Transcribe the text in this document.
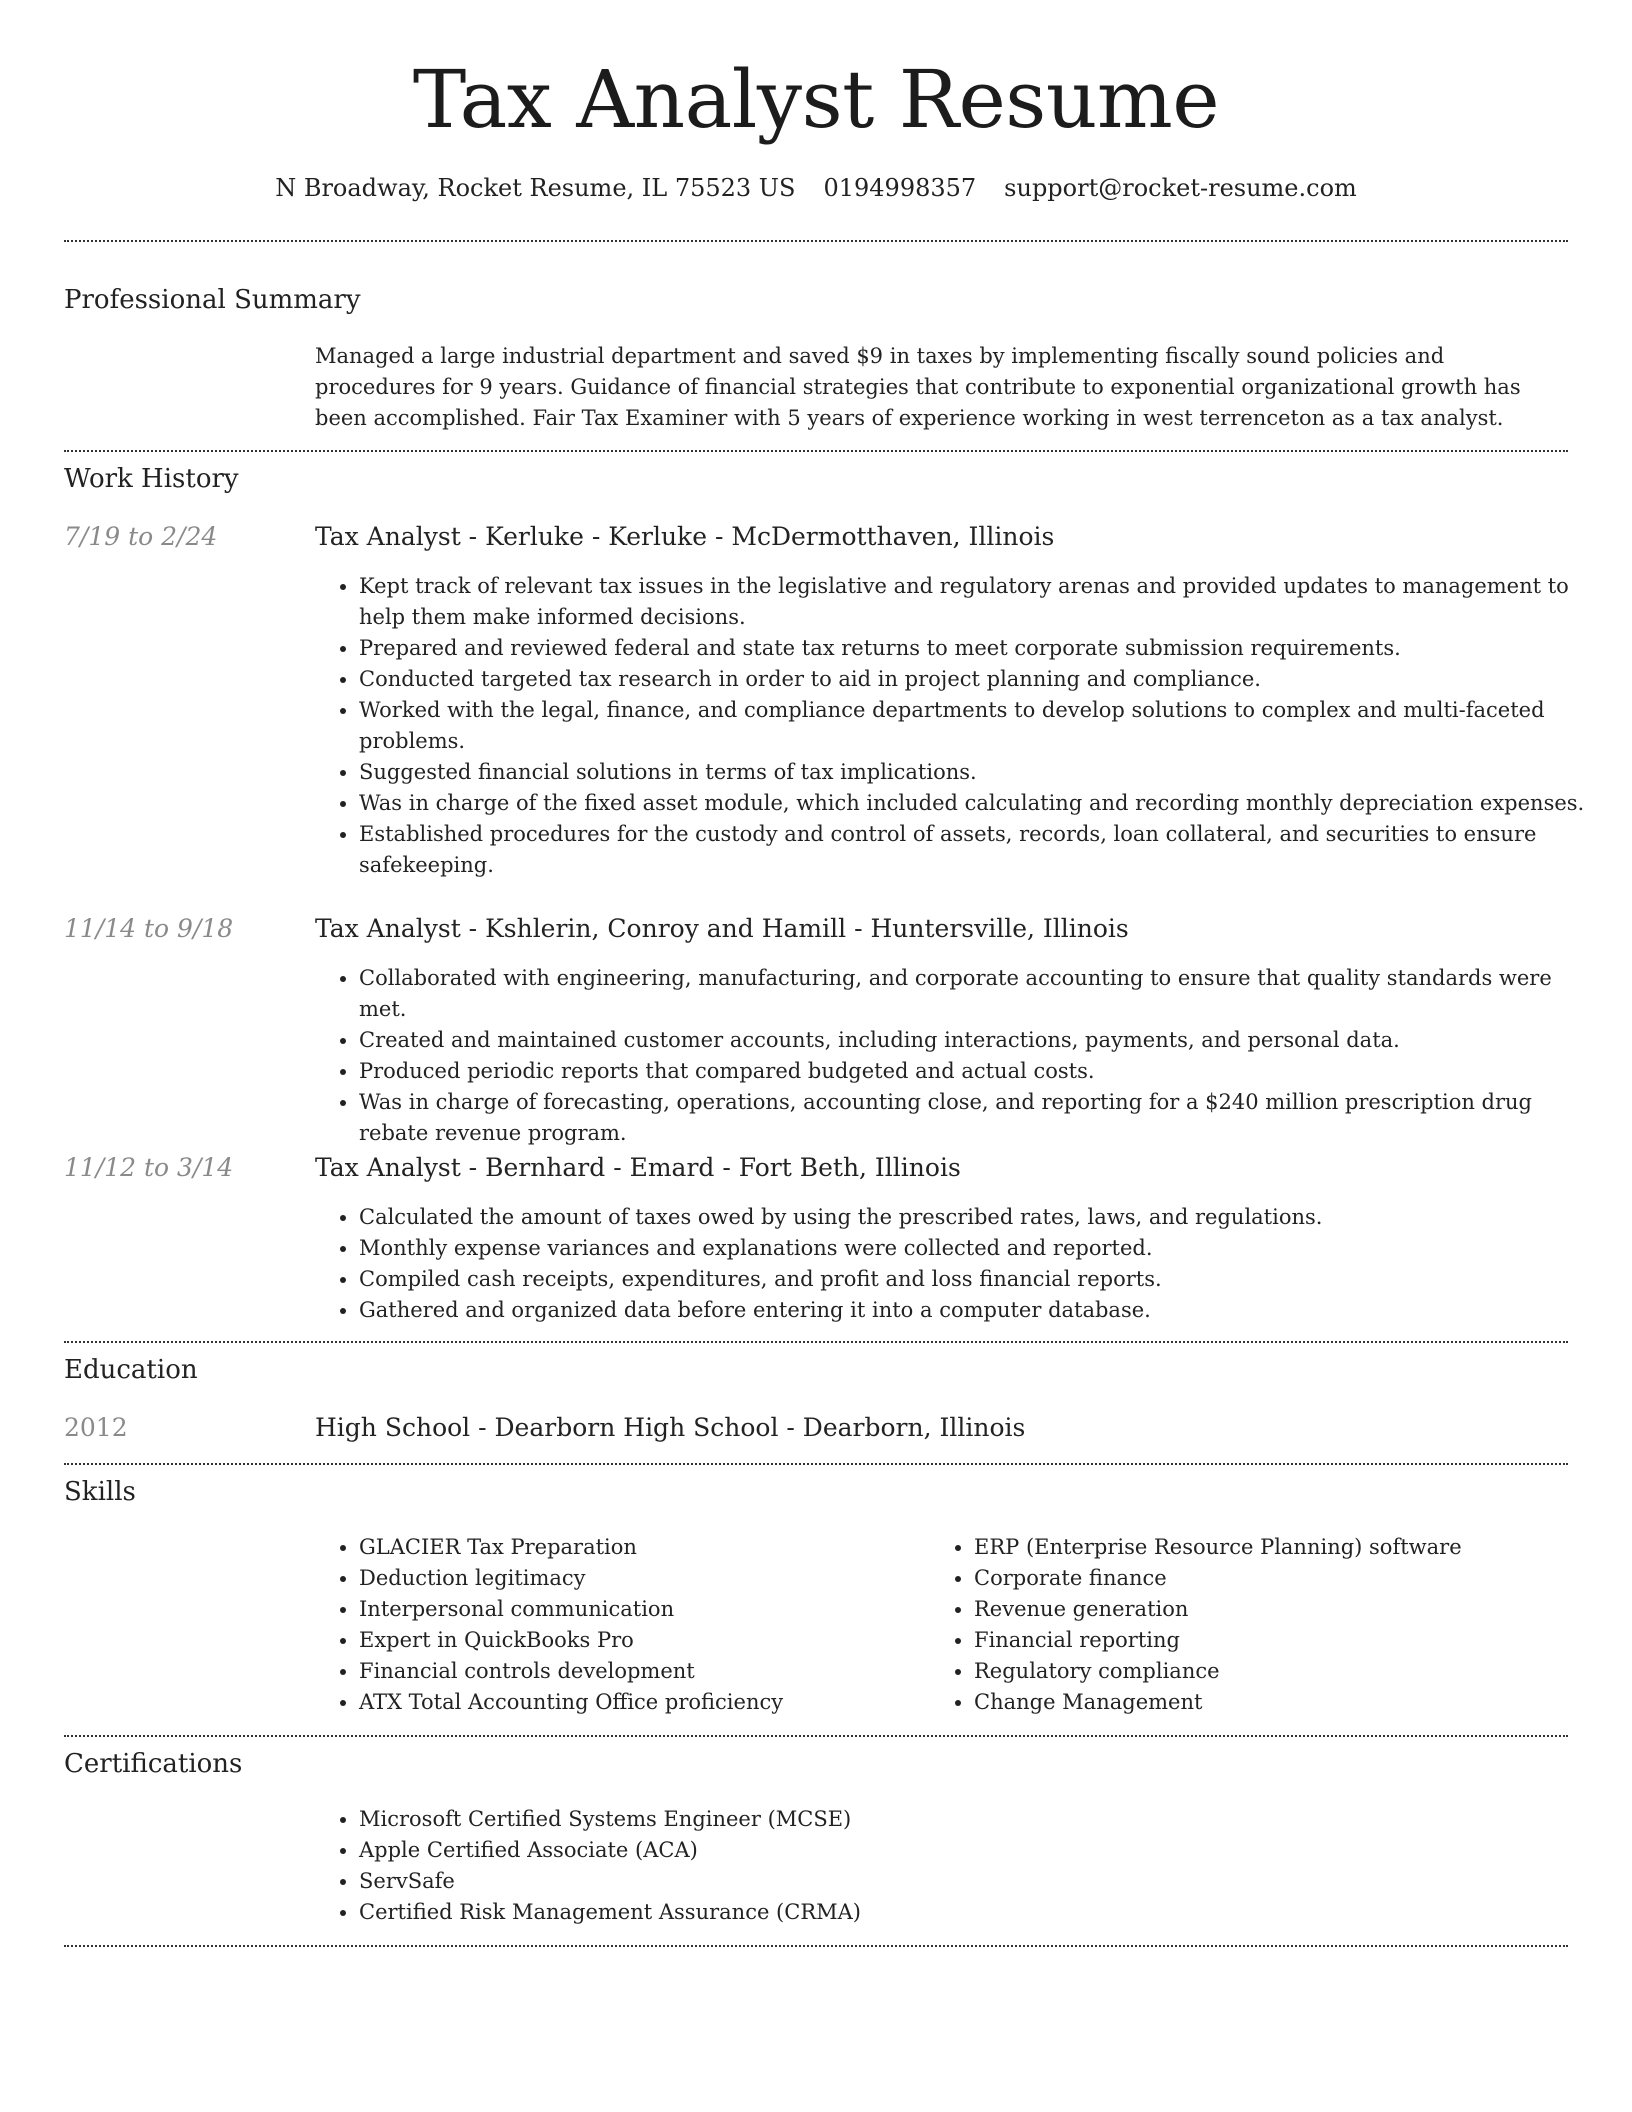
Tax Analyst Resume
N Broadway, Rocket Resume, IL 75523 US 0194998357 support@rocket-resume.com
Professional Summary
Managed a large industrial department and saved $9 in taxes by implementing fiscally sound policies and procedures for 9 years. Guidance of financial strategies that contribute to exponential organizational growth has been accomplished. Fair Tax Examiner with 5 years of experience working in west terrenceton as a tax analyst.
Work History
7/19 to 2/24	Tax Analyst - Kerluke - Kerluke - McDermotthaven, Illinois
• Kept track of relevant tax issues in the legislative and regulatory arenas and provided updates to management to help them make informed decisions.
• Prepared and reviewed federal and state tax returns to meet corporate submission requirements.
• Conducted targeted tax research in order to aid in project planning and compliance.
• Worked with the legal, finance, and compliance departments to develop solutions to complex and multi-faceted problems.
• Suggested financial solutions in terms of tax implications.
• Was in charge of the fixed asset module, which included calculating and recording monthly depreciation expenses.
• Established procedures for the custody and control of assets, records, loan collateral, and securities to ensure safekeeping.
11/14 to 9/18	Tax Analyst - Kshlerin, Conroy and Hamill - Huntersville, Illinois
• Collaborated with engineering, manufacturing, and corporate accounting to ensure that quality standards were met.
• Created and maintained customer accounts, including interactions, payments, and personal data.
• Produced periodic reports that compared budgeted and actual costs.
• Was in charge of forecasting, operations, accounting close, and reporting for a $240 million prescription drug rebate revenue program.
11/12 to 3/14	Tax Analyst - Bernhard - Emard - Fort Beth, Illinois
• Calculated the amount of taxes owed by using the prescribed rates, laws, and regulations.
• Monthly expense variances and explanations were collected and reported.
• Compiled cash receipts, expenditures, and profit and loss financial reports.
• Gathered and organized data before entering it into a computer database.
Education
2012	High School - Dearborn High School - Dearborn, Illinois
Skills
• GLACIER Tax Preparation
• Deduction legitimacy
• Interpersonal communication
• Expert in QuickBooks Pro
• Financial controls development
• ATX Total Accounting Office proficiency
• ERP (Enterprise Resource Planning) software
• Corporate finance
• Revenue generation
• Financial reporting
• Regulatory compliance
• Change Management
Certifications
• Microsoft Certified Systems Engineer (MCSE)
• Apple Certified Associate (ACA)
• ServSafe
• Certified Risk Management Assurance (CRMA)
